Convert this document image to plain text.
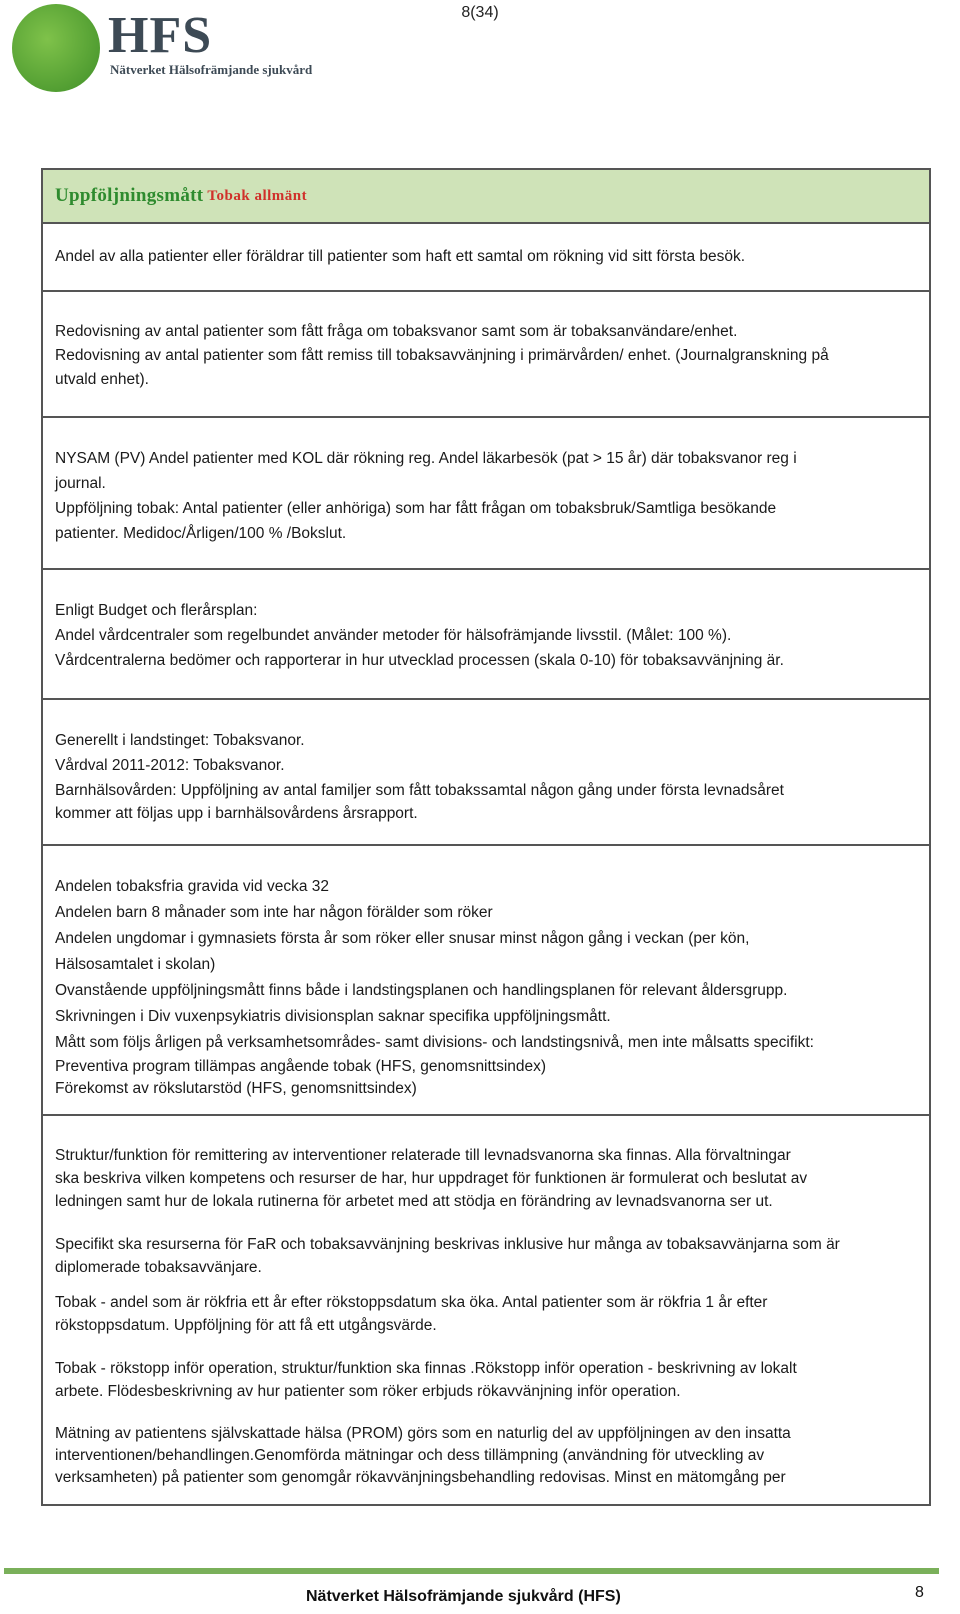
HFS
Nätverket Hälsofrämjande sjukvård
8(34)
Uppföljningsmått Tobak allmänt
Andel av alla patienter eller föräldrar till patienter som haft ett samtal om rökning vid sitt första besök.
Redovisning av antal patienter som fått fråga om tobaksvanor samt som är tobaksanvändare/enhet.
Redovisning av antal patienter som fått remiss till tobaksavvänjning i primärvården/ enhet. (Journalgranskning på
utvald enhet).
NYSAM (PV) Andel patienter med KOL där rökning reg. Andel läkarbesök (pat > 15 år) där tobaksvanor reg i
journal.
Uppföljning tobak: Antal patienter (eller anhöriga) som har fått frågan om tobaksbruk/Samtliga besökande
patienter. Medidoc/Årligen/100 % /Bokslut.
Enligt Budget och flerårsplan:
Andel vårdcentraler som regelbundet använder metoder för hälsofrämjande livsstil. (Målet: 100 %).
Vårdcentralerna bedömer och rapporterar in hur utvecklad processen (skala 0-10) för tobaksavvänjning är.
Generellt i landstinget: Tobaksvanor.
Vårdval 2011-2012: Tobaksvanor.
Barnhälsovården: Uppföljning av antal familjer som fått tobakssamtal någon gång under första levnadsåret
kommer att följas upp i barnhälsovårdens årsrapport.
Andelen tobaksfria gravida vid vecka 32
Andelen barn 8 månader som inte har någon förälder som röker
Andelen ungdomar i gymnasiets första år som röker eller snusar minst någon gång i veckan (per kön,
Hälsosamtalet i skolan)
Ovanstående uppföljningsmått finns både i landstingsplanen och handlingsplanen för relevant åldersgrupp.
Skrivningen i Div vuxenpsykiatris divisionsplan saknar specifika uppföljningsmått.
Mått som följs årligen på verksamhetsområdes- samt divisions- och landstingsnivå, men inte målsatts specifikt:
Preventiva program tillämpas angående tobak (HFS, genomsnittsindex)
Förekomst av rökslutarstöd (HFS, genomsnittsindex)
Struktur/funktion för remittering av interventioner relaterade till levnadsvanorna ska finnas. Alla förvaltningar
ska beskriva vilken kompetens och resurser de har, hur uppdraget för funktionen är formulerat och beslutat av
ledningen samt hur de lokala rutinerna för arbetet med att stödja en förändring av levnadsvanorna ser ut.
Specifikt ska resurserna för FaR och tobaksavvänjning beskrivas inklusive hur många av tobaksavvänjarna som är
diplomerade tobaksavvänjare.
Tobak - andel som är rökfria ett år efter rökstoppsdatum ska öka. Antal patienter som är rökfria 1 år efter
rökstoppsdatum. Uppföljning för att få ett utgångsvärde.
Tobak - rökstopp inför operation, struktur/funktion ska finnas .Rökstopp inför operation - beskrivning av lokalt
arbete. Flödesbeskrivning av hur patienter som röker erbjuds rökavvänjning inför operation.
Mätning av patientens självskattade hälsa (PROM) görs som en naturlig del av uppföljningen av den insatta
interventionen/behandlingen.Genomförda mätningar och dess tillämpning (användning för utveckling av
verksamheten) på patienter som genomgår rökavvänjningsbehandling redovisas. Minst en mätomgång per
Nätverket Hälsofrämjande sjukvård (HFS)	8
